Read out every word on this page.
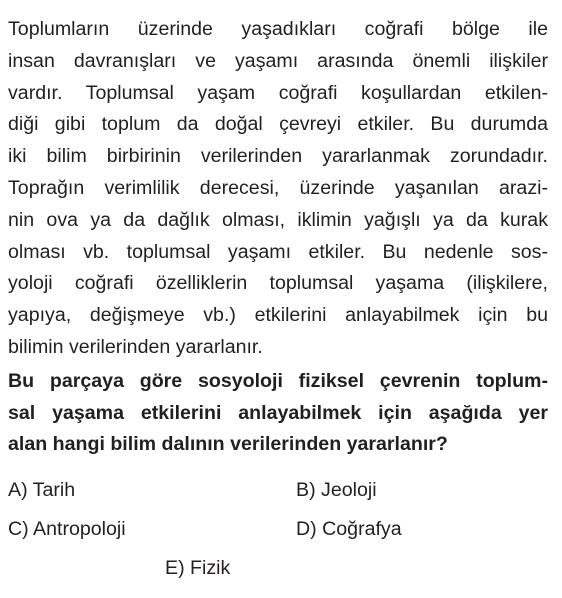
Toplumların üzerinde yaşadıkları coğrafi bölge ile
insan davranışları ve yaşamı arasında önemli ilişkiler
vardır. Toplumsal yaşam coğrafi koşullardan etkilen-
diği gibi toplum da doğal çevreyi etkiler. Bu durumda
iki bilim birbirinin verilerinden yararlanmak zorundadır.
Toprağın verimlilik derecesi, üzerinde yaşanılan arazi-
nin ova ya da dağlık olması, iklimin yağışlı ya da kurak
olması vb. toplumsal yaşamı etkiler. Bu nedenle sos-
yoloji coğrafi özelliklerin toplumsal yaşama (ilişkilere,
yapıya, değişmeye vb.) etkilerini anlayabilmek için bu
bilimin verilerinden yararlanır.

Bu parçaya göre sosyoloji fiziksel çevrenin toplum-
sal yaşama etkilerini anlayabilmek için aşağıda yer
alan hangi bilim dalının verilerinden yararlanır?

A) Tarih	B) Jeoloji
C) Antropoloji	D) Coğrafya
E) Fizik
